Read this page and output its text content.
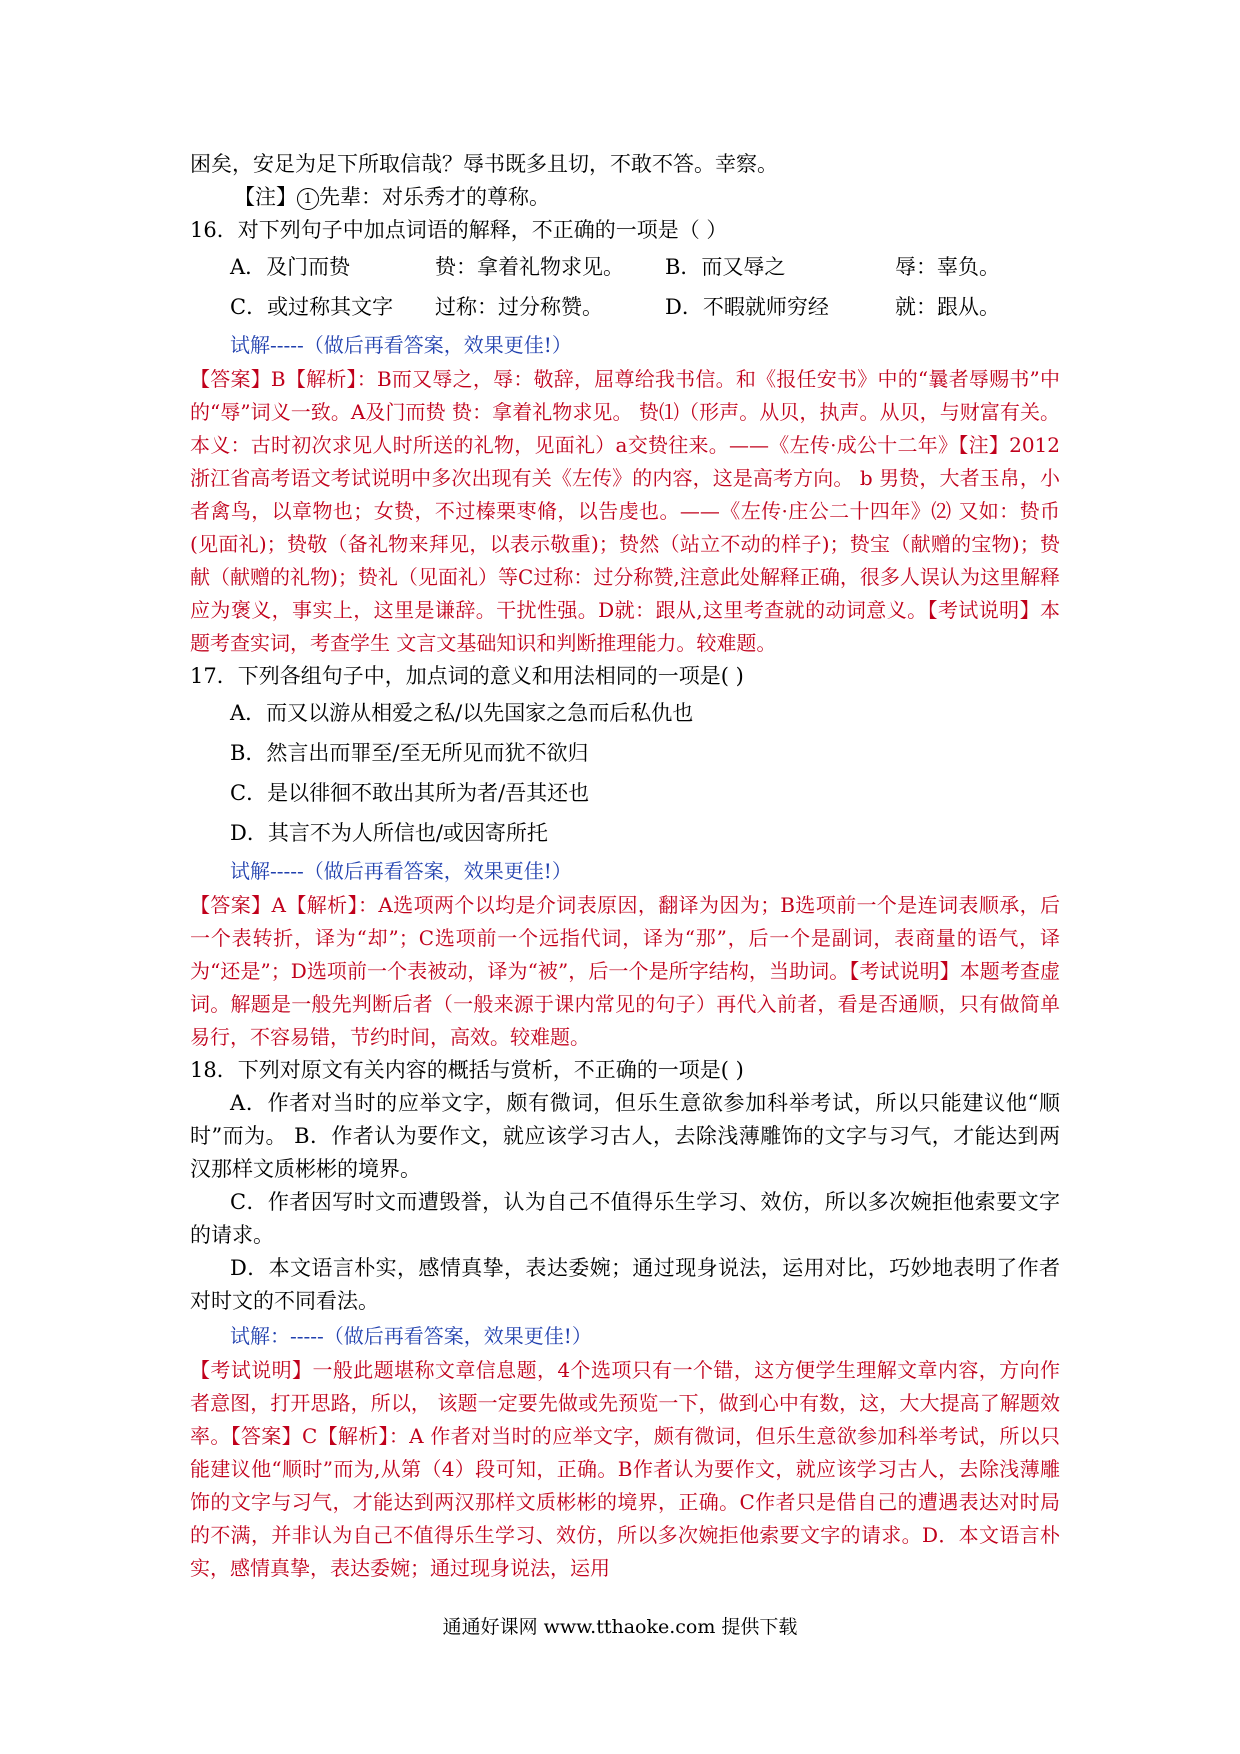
困矣，安足为足下所取信哉？辱书既多且切，不敢不答。幸察。

【注】 1 先辈：对乐秀才的尊称。

16．对下列句子中加点词语的解释，不正确的一项是（ ）

A．及门而贽	贽：拿着礼物求见。	B．而又辱之	辱：辜负。
C．或过称其文字	过称：过分称赞。	D．不暇就师穷经	就：跟从。

试解-----（做后再看答案，效果更佳!）

【答案】B【解析】：B而又辱之，辱：敬辞，屈尊给我书信。和《报任安书》中的“曩者辱赐书”中的“辱”词义一致。A及门而贽 贽：拿着礼物求见。 贽⑴（形声。从贝，执声。从贝，与财富有关。本义：古时初次求见人时所送的礼物，见面礼）a交贽往来。——《左传·成公十二年》【注】2012浙江省高考语文考试说明中多次出现有关《左传》的内容，这是高考方向。 b 男贽，大者玉帛，小者禽鸟，以章物也；女贽，不过榛栗枣脩，以告虔也。——《左传·庄公二十四年》⑵ 又如：贽币(见面礼)；贽敬（备礼物来拜见，以表示敬重)；贽然（站立不动的样子)；贽宝（献赠的宝物)；贽献（献赠的礼物)；贽礼（见面礼）等C过称：过分称赞,注意此处解释正确，很多人误认为这里解释应为褒义，事实上，这里是谦辞。干扰性强。D就：跟从,这里考查就的动词意义。【考试说明】本题考查实词，考查学生 文言文基础知识和判断推理能力。较难题。

17．下列各组句子中，加点词的意义和用法相同的一项是( )

A．而又以游从相爱之私/以先国家之急而后私仇也

B．然言出而罪至/至无所见而犹不欲归

C．是以徘徊不敢出其所为者/吾其还也

D．其言不为人所信也/或因寄所托

试解-----（做后再看答案，效果更佳!）

【答案】A【解析】：A选项两个以均是介词表原因，翻译为因为；B选项前一个是连词表顺承，后一个表转折，译为“却”；C选项前一个远指代词，译为“那”，后一个是副词，表商量的语气，译为“还是”；D选项前一个表被动，译为“被”，后一个是所字结构，当助词。【考试说明】本题考查虚词。解题是一般先判断后者（一般来源于课内常见的句子）再代入前者，看是否通顺，只有做简单易行，不容易错，节约时间，高效。较难题。

18．下列对原文有关内容的概括与赏析，不正确的一项是( )

A．作者对当时的应举文字，颇有微词，但乐生意欲参加科举考试，所以只能建议他“顺时”而为。 B．作者认为要作文，就应该学习古人，去除浅薄雕饰的文字与习气，才能达到两汉那样文质彬彬的境界。

C．作者因写时文而遭毁誉，认为自己不值得乐生学习、效仿，所以多次婉拒他索要文字的请求。

D．本文语言朴实，感情真挚，表达委婉；通过现身说法，运用对比，巧妙地表明了作者对时文的不同看法。

试解：-----（做后再看答案，效果更佳!）

【考试说明】一般此题堪称文章信息题，4个选项只有一个错，这方便学生理解文章内容，方向作者意图，打开思路，所以， 该题一定要先做或先预览一下，做到心中有数，这，大大提高了解题效率。【答案】C【解析】：A 作者对当时的应举文字，颇有微词，但乐生意欲参加科举考试，所以只能建议他“顺时”而为,从第（4）段可知，正确。B作者认为要作文，就应该学习古人，去除浅薄雕饰的文字与习气，才能达到两汉那样文质彬彬的境界，正确。C作者只是借自己的遭遇表达对时局的不满，并非认为自己不值得乐生学习、效仿，所以多次婉拒他索要文字的请求。D．本文语言朴实，感情真挚，表达委婉；通过现身说法，运用

通通好课网 www.tthaoke.com 提供下载
